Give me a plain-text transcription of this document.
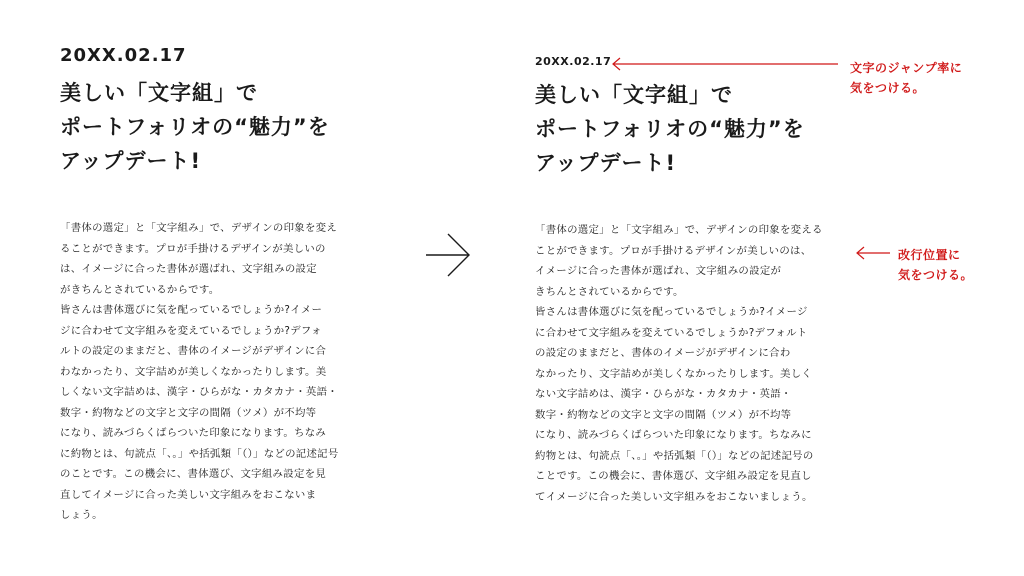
20XX.02.17
美しい「文字組」で
ポートフォリオの“魅力”を
アップデート!
「書体の選定」と「文字組み」で、デザインの印象を変え
ることができます。プロが手掛けるデザインが美しいの
は、イメージに合った書体が選ばれ、文字組みの設定
がきちんとされているからです。
皆さんは書体選びに気を配っているでしょうか?イメー
ジに合わせて文字組みを変えているでしょうか?デフォ
ルトの設定のままだと、書体のイメージがデザインに合
わなかったり、文字詰めが美しくなかったりします。美
しくない文字詰めは、漢字・ひらがな・カタカナ・英語・
数字・約物などの文字と文字の間隔（ツメ）が不均等
になり、読みづらくばらついた印象になります。ちなみ
に約物とは、句読点「、。」や括弧類「（）」などの記述記号
のことです。この機会に、書体選び、文字組み設定を見
直してイメージに合った美しい文字組みをおこないま
しょう。
20XX.02.17
美しい「文字組」で
ポートフォリオの“魅力”を
アップデート!
「書体の選定」と「文字組み」で、デザインの印象を変える
ことができます。プロが手掛けるデザインが美しいのは、
イメージに合った書体が選ばれ、文字組みの設定が
きちんとされているからです。
皆さんは書体選びに気を配っているでしょうか?イメージ
に合わせて文字組みを変えているでしょうか?デフォルト
の設定のままだと、書体のイメージがデザインに合わ
なかったり、文字詰めが美しくなかったりします。美しく
ない文字詰めは、漢字・ひらがな・カタカナ・英語・
数字・約物などの文字と文字の間隔（ツメ）が不均等
になり、読みづらくばらついた印象になります。ちなみに
約物とは、句読点「、。」や括弧類「（）」などの記述記号の
ことです。この機会に、書体選び、文字組み設定を見直し
てイメージに合った美しい文字組みをおこないましょう。
文字のジャンプ率に
気をつける。
改行位置に
気をつける。
